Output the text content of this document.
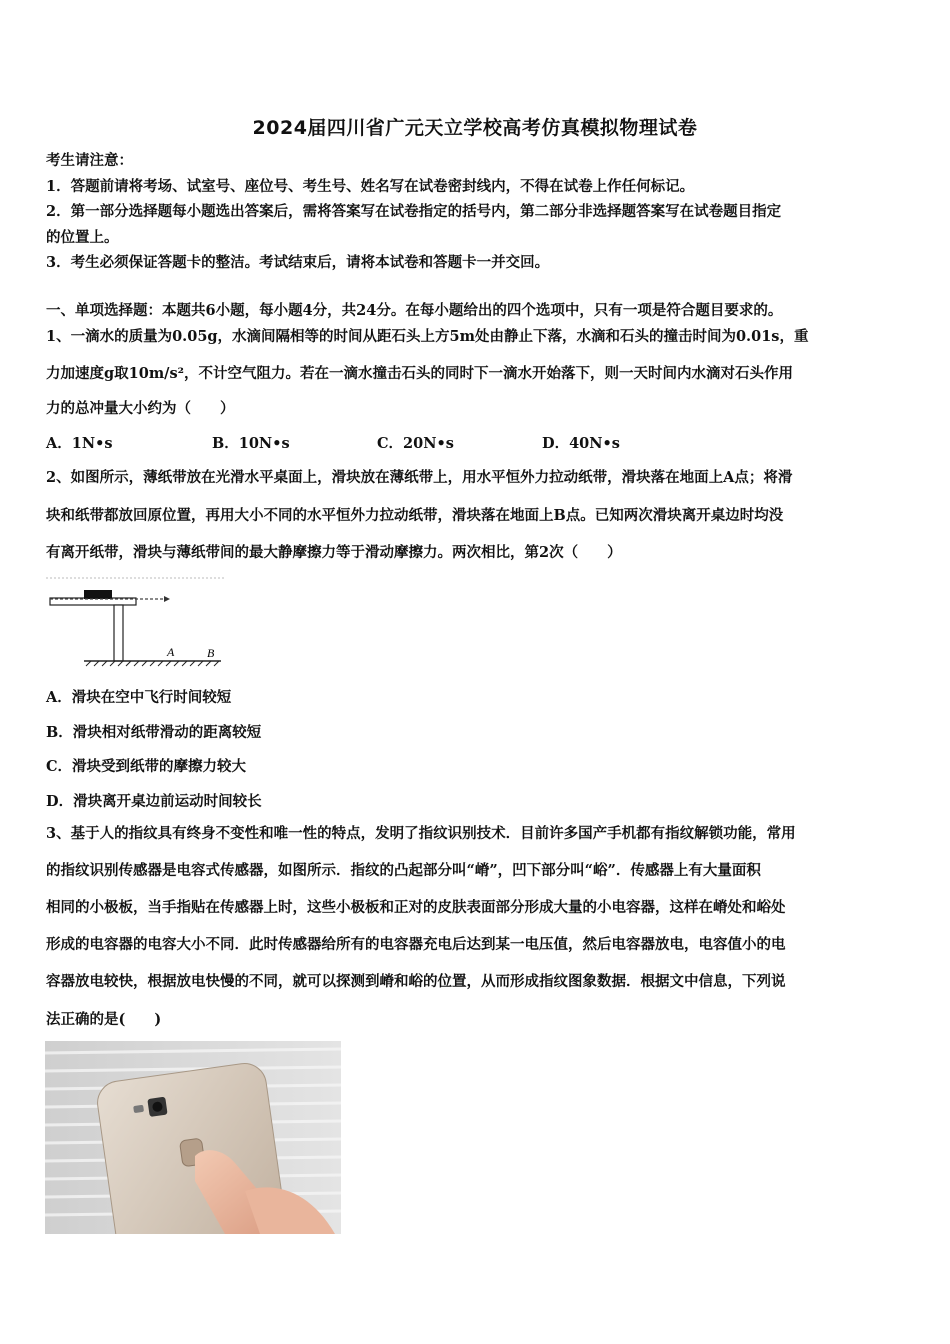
2024届四川省广元天立学校高考仿真模拟物理试卷
考生请注意：
1．答题前请将考场、试室号、座位号、考生号、姓名写在试卷密封线内，不得在试卷上作任何标记。
2．第一部分选择题每小题选出答案后，需将答案写在试卷指定的括号内，第二部分非选择题答案写在试卷题目指定
的位置上。
3．考生必须保证答题卡的整洁。考试结束后，请将本试卷和答题卡一并交回。
一、单项选择题：本题共6小题，每小题4分，共24分。在每小题给出的四个选项中，只有一项是符合题目要求的。
1、一滴水的质量为0.05g，水滴间隔相等的时间从距石头上方5m处由静止下落，水滴和石头的撞击时间为0.01s，重
力加速度g取10m/s²，不计空气阻力。若在一滴水撞击石头的同时下一滴水开始落下，则一天时间内水滴对石头作用
力的总冲量大小约为（　　）
A．1N•s	B．10N•s	C．20N•s	D．40N•s
2、如图所示，薄纸带放在光滑水平桌面上，滑块放在薄纸带上，用水平恒外力拉动纸带，滑块落在地面上A点；将滑
块和纸带都放回原位置，再用大小不同的水平恒外力拉动纸带，滑块落在地面上B点。已知两次滑块离开桌边时均没
有离开纸带，滑块与薄纸带间的最大静摩擦力等于滑动摩擦力。两次相比，第2次（　　）
A	B
A．滑块在空中飞行时间较短
B．滑块相对纸带滑动的距离较短
C．滑块受到纸带的摩擦力较大
D．滑块离开桌边前运动时间较长
3、基于人的指纹具有终身不变性和唯一性的特点，发明了指纹识别技术．目前许多国产手机都有指纹解锁功能，常用
的指纹识别传感器是电容式传感器，如图所示．指纹的凸起部分叫“嵴”，凹下部分叫“峪”．传感器上有大量面积
相同的小极板，当手指贴在传感器上时，这些小极板和正对的皮肤表面部分形成大量的小电容器，这样在嵴处和峪处
形成的电容器的电容大小不同．此时传感器给所有的电容器充电后达到某一电压值，然后电容器放电，电容值小的电
容器放电较快，根据放电快慢的不同，就可以探测到嵴和峪的位置，从而形成指纹图象数据．根据文中信息，下列说
法正确的是(　　)
